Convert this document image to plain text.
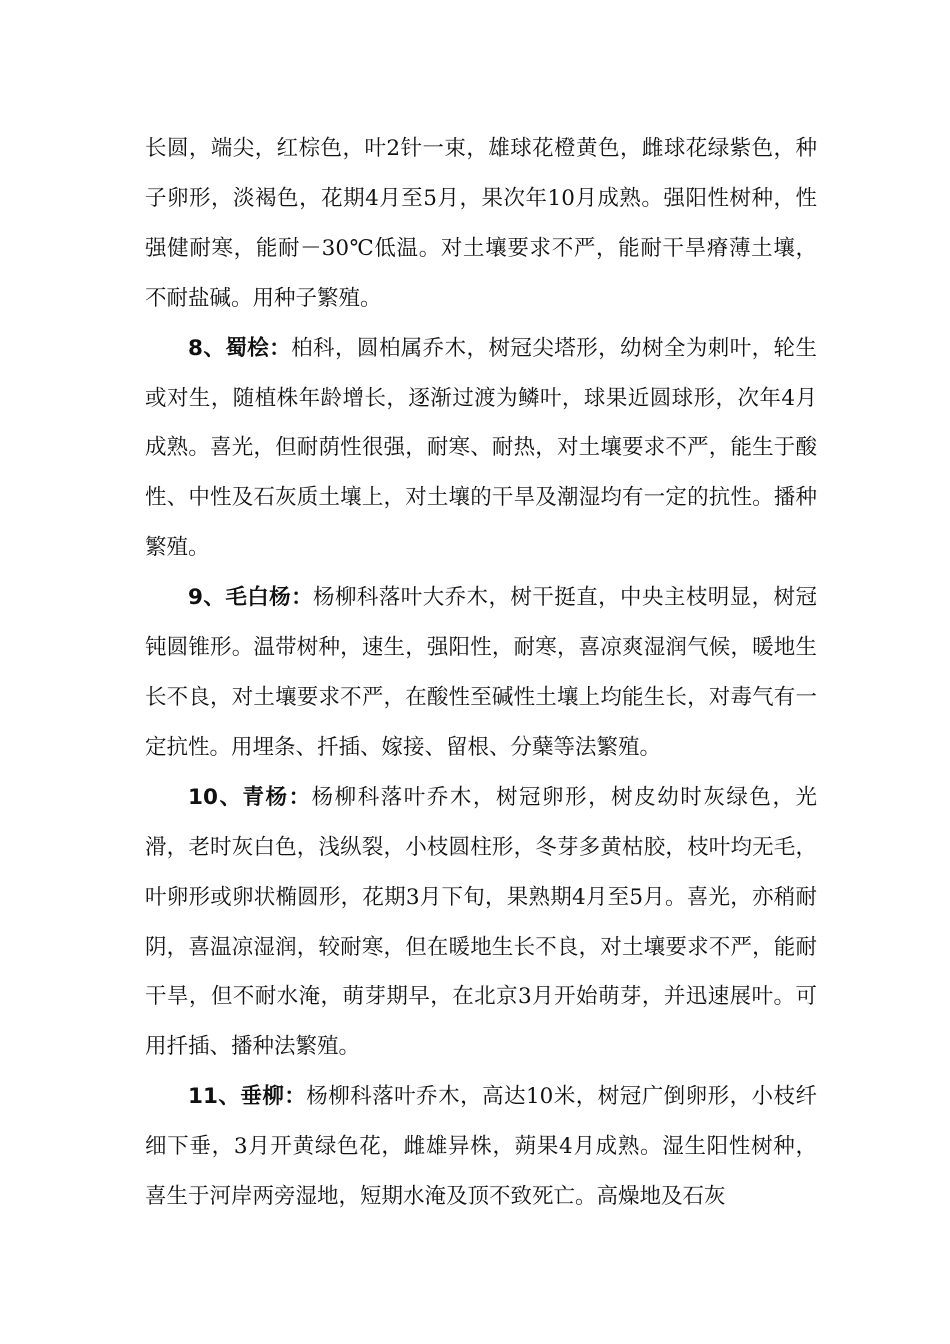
长圆，端尖，红棕色，叶2针一束，雄球花橙黄色，雌球花绿紫色，种子卵形，淡褐色，花期4月至5月，果次年10月成熟。强阳性树种，性强健耐寒，能耐－30℃低温。对土壤要求不严，能耐干旱瘠薄土壤，不耐盐碱。用种子繁殖。

8、蜀桧：柏科，圆柏属乔木，树冠尖塔形，幼树全为刺叶，轮生或对生，随植株年龄增长，逐渐过渡为鳞叶，球果近圆球形，次年4月成熟。喜光，但耐荫性很强，耐寒、耐热，对土壤要求不严，能生于酸性、中性及石灰质土壤上，对土壤的干旱及潮湿均有一定的抗性。播种繁殖。

9、毛白杨：杨柳科落叶大乔木，树干挺直，中央主枝明显，树冠钝圆锥形。温带树种，速生，强阳性，耐寒，喜凉爽湿润气候，暖地生长不良，对土壤要求不严，在酸性至碱性土壤上均能生长，对毒气有一定抗性。用埋条、扦插、嫁接、留根、分蘖等法繁殖。

10、青杨：杨柳科落叶乔木，树冠卵形，树皮幼时灰绿色，光滑，老时灰白色，浅纵裂，小枝圆柱形，冬芽多黄枯胶，枝叶均无毛，叶卵形或卵状椭圆形，花期3月下旬，果熟期4月至5月。喜光，亦稍耐阴，喜温凉湿润，较耐寒，但在暖地生长不良，对土壤要求不严，能耐干旱，但不耐水淹，萌芽期早，在北京3月开始萌芽，并迅速展叶。可用扦插、播种法繁殖。

11、垂柳：杨柳科落叶乔木，高达10米，树冠广倒卵形，小枝纤细下垂，3月开黄绿色花，雌雄异株，蒴果4月成熟。湿生阳性树种，喜生于河岸两旁湿地，短期水淹及顶不致死亡。高燥地及石灰
